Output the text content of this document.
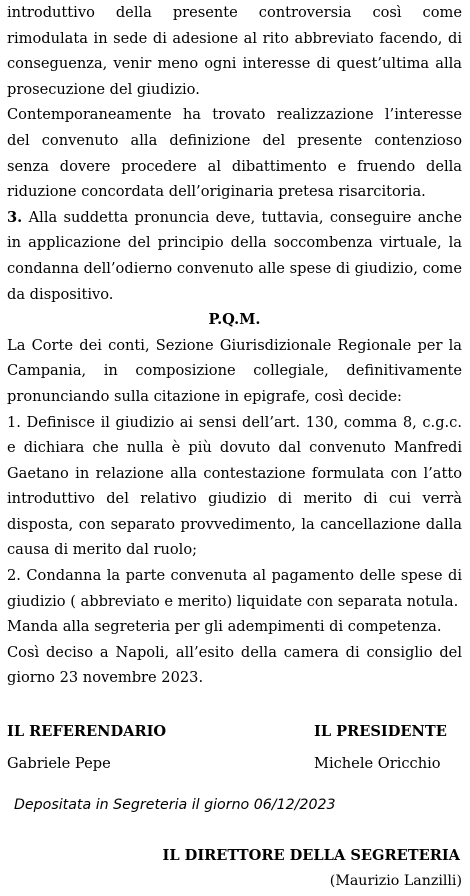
introduttivo della presente controversia così come rimodulata in sede di adesione al rito abbreviato facendo, di conseguenza, venir meno ogni interesse di quest’ultima alla prosecuzione del giudizio.

Contemporaneamente ha trovato realizzazione l’interesse del convenuto alla definizione del presente contenzioso senza dovere procedere al dibattimento e fruendo della riduzione concordata dell’originaria pretesa risarcitoria.

3. Alla suddetta pronuncia deve, tuttavia, conseguire anche in applicazione del principio della soccombenza virtuale, la condanna dell’odierno convenuto alle spese di giudizio, come da dispositivo.

P.Q.M.

La Corte dei conti, Sezione Giurisdizionale Regionale per la Campania, in composizione collegiale, definitivamente pronunciando sulla citazione in epigrafe, così decide:

1. Definisce il giudizio ai sensi dell’art. 130, comma 8, c.g.c. e dichiara che nulla è più dovuto dal convenuto Manfredi Gaetano in relazione alla contestazione formulata con l’atto introduttivo del relativo giudizio di merito di cui verrà disposta, con separato provvedimento, la cancellazione dalla causa di merito dal ruolo;

2. Condanna la parte convenuta al pagamento delle spese di giudizio ( abbreviato e merito) liquidate con separata notula.

Manda alla segreteria per gli adempimenti di competenza.

Così deciso a Napoli, all’esito della camera di consiglio del giorno 23 novembre 2023.

IL REFERENDARIO
Gabriele Pepe
IL PRESIDENTE
Michele Oricchio
Depositata in Segreteria il giorno 06/12/2023
IL DIRETTORE DELLA SEGRETERIA
(Maurizio Lanzilli)
